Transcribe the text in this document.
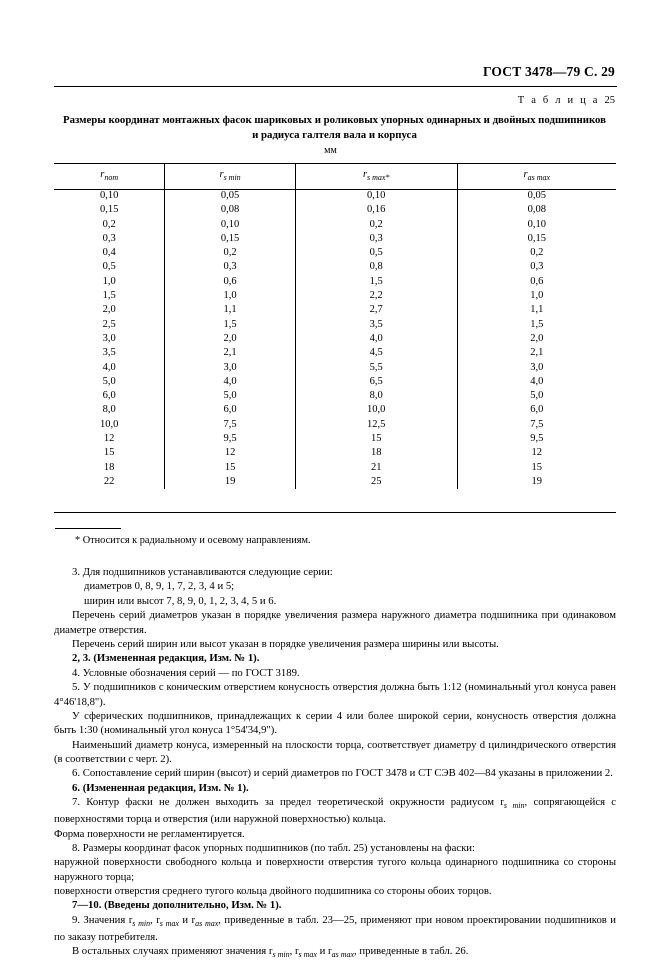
ГОСТ 3478—79 С. 29
Т а б л и ц а 25
Размеры координат монтажных фасок шариковых и роликовых упорных одинарных и двойных подшипников
и радиуса галтеля вала и корпуса
мм
$r_{nom}$	$r_{s min}$	$r_{s max*}$	$r_{as max}$
0,10	0,05	0,10	0,05
0,15	0,08	0,16	0,08
0,2	0,10	0,2	0,10
0,3	0,15	0,3	0,15
0,4	0,2	0,5	0,2
0,5	0,3	0,8	0,3
1,0	0,6	1,5	0,6
1,5	1,0	2,2	1,0
2,0	1,1	2,7	1,1
2,5	1,5	3,5	1,5
3,0	2,0	4,0	2,0
3,5	2,1	4,5	2,1
4,0	3,0	5,5	3,0
5,0	4,0	6,5	4,0
6,0	5,0	8,0	5,0
8,0	6,0	10,0	6,0
10,0	7,5	12,5	7,5
12	9,5	15	9,5
15	12	18	12
18	15	21	15
22	19	25	19
* Относится к радиальному и осевому направлениям.

3. Для подшипников устанавливаются следующие серии:

диаметров 0, 8, 9, 1, 7, 2, 3, 4 и 5;

ширин или высот 7, 8, 9, 0, 1, 2, 3, 4, 5 и 6.

Перечень серий диаметров указан в порядке увеличения размера наружного диаметра подшипника при одинаковом диаметре отверстия.

Перечень серий ширин или высот указан в порядке увеличения размера ширины или высоты.

2, 3. (Измененная редакция, Изм. № 1).

4. Условные обозначения серий — по ГОСТ 3189.

5. У подшипников с коническим отверстием конусность отверстия должна быть 1:12 (номинальный угол конуса равен 4°46'18,8").

У сферических подшипников, принадлежащих к серии 4 или более широкой серии, конусность отверстия должна быть 1:30 (номинальный угол конуса 1°54'34,9").

Наименьший диаметр конуса, измеренный на плоскости торца, соответствует диаметру d цилиндрического отверстия (в соответствии с черт. 2).

6. Сопоставление серий ширин (высот) и серий диаметров по ГОСТ 3478 и СТ СЭВ 402—84 указаны в приложении 2.

6. (Измененная редакция, Изм. № 1).

7. Контур фаски не должен выходить за предел теоретической окружности радиусом $r_{s min}$, сопрягающейся с поверхностями торца и отверстия (или наружной поверхностью) кольца.

Форма поверхности не регламентируется.

8. Размеры координат фасок упорных подшипников (по табл. 25) установлены на фаски:

наружной поверхности свободного кольца и поверхности отверстия тугого кольца одинарного подшипника со стороны наружного торца;

поверхности отверстия среднего тугого кольца двойного подшипника со стороны обоих торцов.

7—10. (Введены дополнительно, Изм. № 1).

9. Значения $r_{s min}$, $r_{s max}$ и $r_{as max}$, приведенные в табл. 23—25, применяют при новом проектировании подшипников и по заказу потребителя.

В остальных случаях применяют значения $r_{s min}$, $r_{s max}$ и $r_{as max}$, приведенные в табл. 26.
